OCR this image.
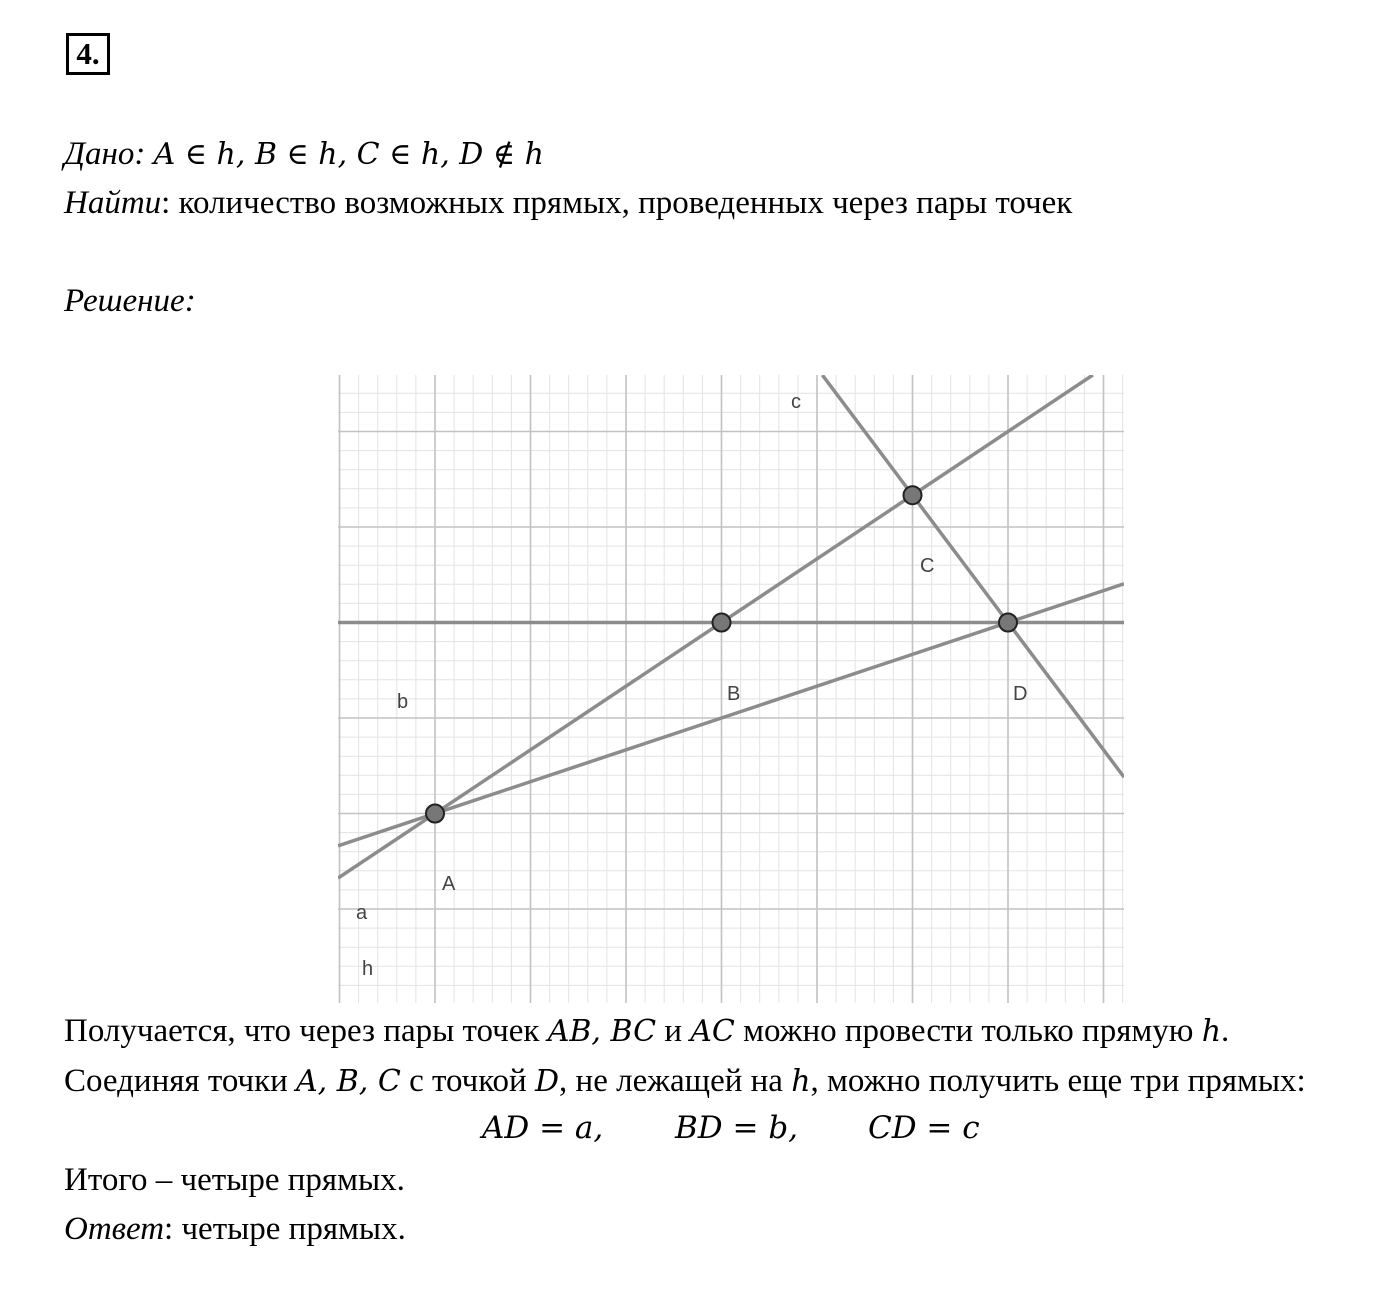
4.
Дано: A ∈ h, B ∈ h, C ∈ h, D ∉ h
Найти: количество возможных прямых, проведенных через пары точек
Решение:
c
b
a
h
A
B
C
D
Получается, что через пары точек AB, BC и AC можно провести только прямую h.
Соединяя точки A, B, C с точкой D, не лежащей на h, можно получить еще три прямых:
AD = a, BD = b, CD = c
Итого – четыре прямых.
Ответ: четыре прямых.
